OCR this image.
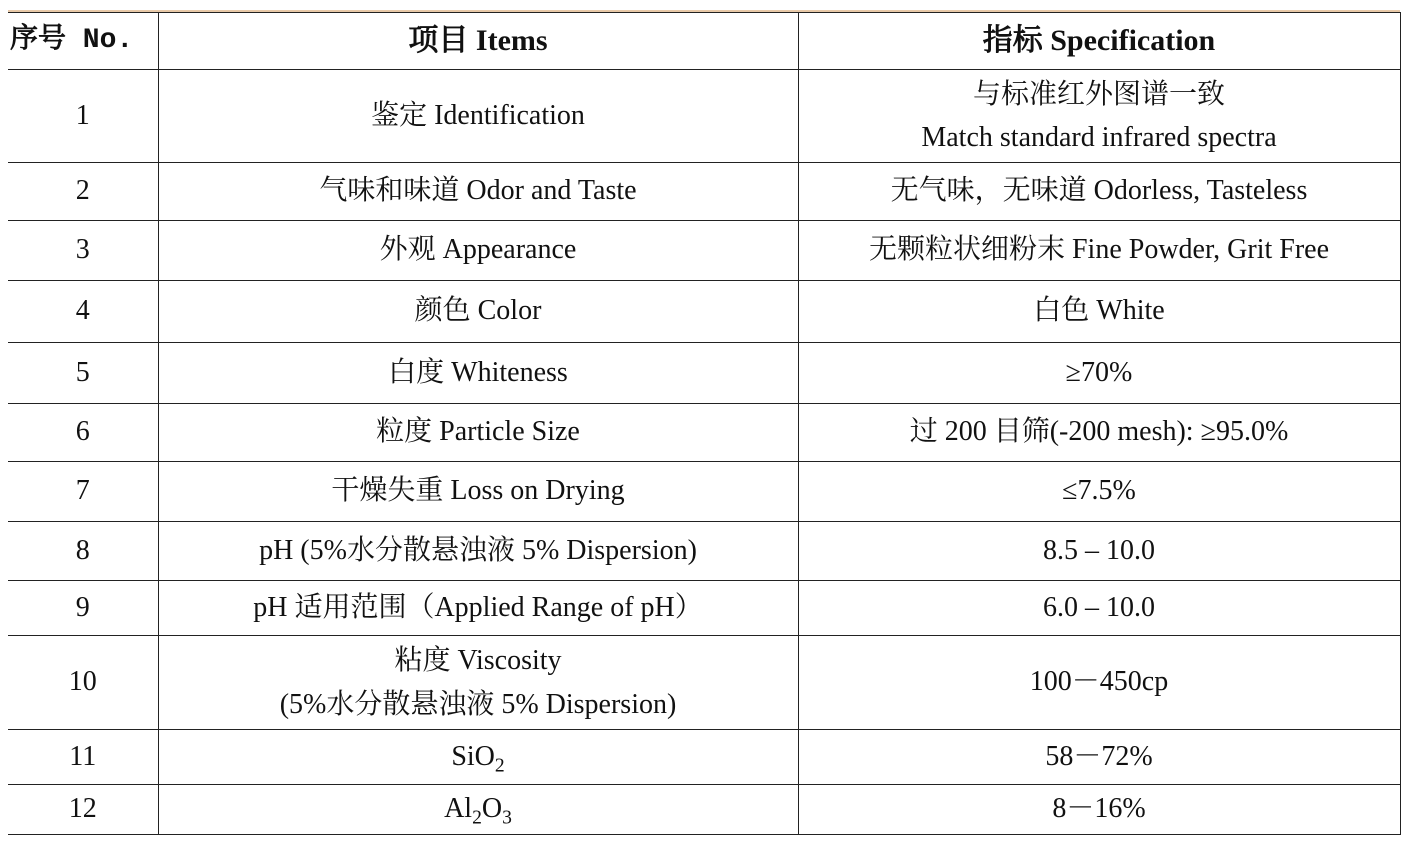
序号 No.	项目 Items	指标 Specification
1	鉴定 Identification	与标准红外图谱一致
Match standard infrared spectra

2	气味和味道 Odor and Taste	无气味，无味道 Odorless, Tasteless
3	外观 Appearance	无颗粒状细粉末 Fine Powder, Grit Free
4	颜色 Color	白色 White
5	白度 Whiteness	≥70%
6	粒度 Particle Size	过 200 目筛(-200 mesh): ≥95.0%
7	干燥失重 Loss on Drying	≤7.5%
8	pH (5%水分散悬浊液 5% Dispersion)	8.5 – 10.0
9	pH 适用范围（Applied Range of pH）	6.0 – 10.0
10	粘度 Viscosity
(5%水分散悬浊液 5% Dispersion)	100－450cp
11	SiO$_2$	58－72%
12	$Al_2O_3$	8－16%
